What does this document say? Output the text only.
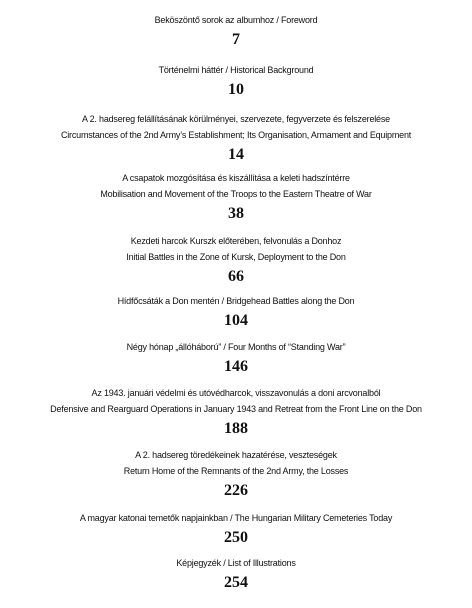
Beköszöntő sorok az albumhoz / Foreword
7
Történelmi háttér / Historical Background
10
A 2. hadsereg felállításának körülményei, szervezete, fegyverzete és felszerelése
Circumstances of the 2nd Army’s Establishment; Its Organisation, Armament and Equipment
14
A csapatok mozgósítása és kiszállítása a keleti hadszíntérre
Mobilisation and Movement of the Troops to the Eastern Theatre of War
38
Kezdeti harcok Kurszk előterében, felvonulás a Donhoz
Initial Battles in the Zone of Kursk, Deployment to the Don
66
Hídfőcsáták a Don mentén / Bridgehead Battles along the Don
104
Négy hónap „állóháború” / Four Months of “Standing War”
146
Az 1943. januári védelmi és utóvédharcok, visszavonulás a doni arcvonalból
Defensive and Rearguard Operations in January 1943 and Retreat from the Front Line on the Don
188
A 2. hadsereg töredékeinek hazatérése, veszteségek
Return Home of the Remnants of the 2nd Army, the Losses
226
A magyar katonai temetők napjainkban / The Hungarian Military Cemeteries Today
250
Képjegyzék / List of Illustrations
254
